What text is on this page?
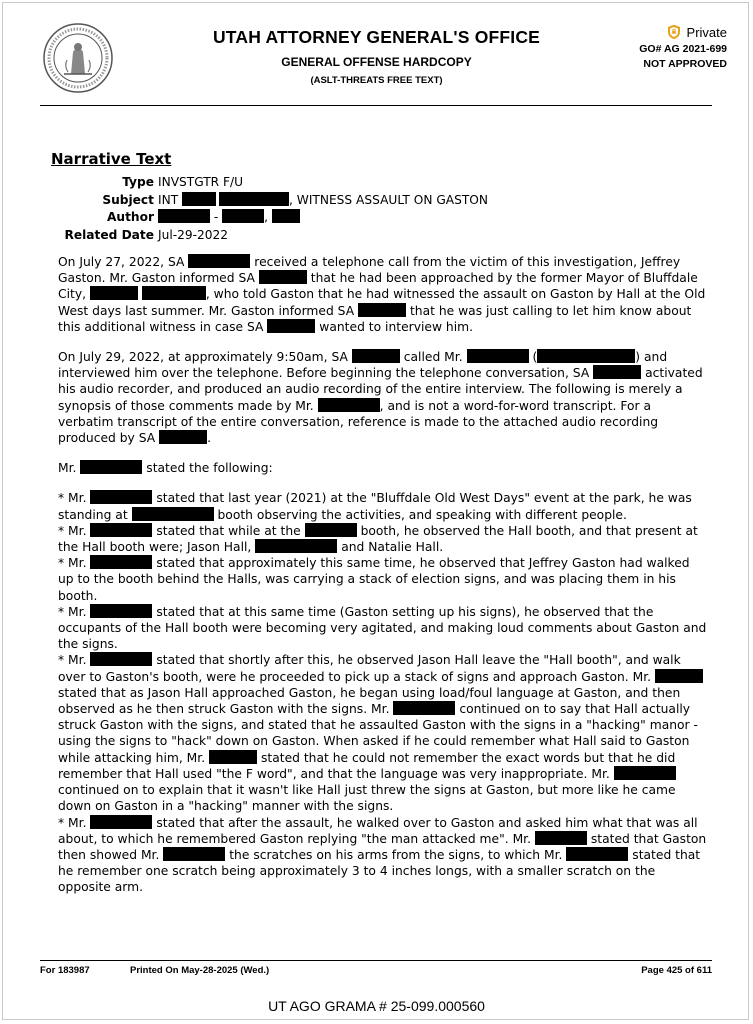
UTAH ATTORNEY GENERAL'S OFFICE
GENERAL OFFENSE HARDCOPY
(ASLT-THREATS FREE TEXT)
Private
GO# AG 2021-699
NOT APPROVED
Narrative Text
Type INVSTGTR F/U
Subject INT	, WITNESS ASSAULT ON GASTON
Author	-	,
Related Date Jul-29-2022

On July 27, 2022, SA	received a telephone call from the victim of this investigation, Jeffrey Gaston. Mr. Gaston informed SA	that he had been approached by the former Mayor of Bluffdale City,	, who told Gaston that he had witnessed the assault on Gaston by Hall at the Old West days last summer. Mr. Gaston informed SA	that he was just calling to let him know about this additional witness in case SA	wanted to interview him.

On July 29, 2022, at approximately 9:50am, SA	called Mr.	(	) and interviewed him over the telephone. Before beginning the telephone conversation, SA	activated his audio recorder, and produced an audio recording of the entire interview. The following is merely a synopsis of those comments made by Mr.	, and is not a word-for-word transcript. For a verbatim transcript of the entire conversation, reference is made to the attached audio recording produced by SA	.

Mr.	stated the following:

* Mr.	stated that last year (2021) at the "Bluffdale Old West Days" event at the park, he was standing at	booth observing the activities, and speaking with different people.
* Mr.	stated that while at the	booth, he observed the Hall booth, and that present at the Hall booth were; Jason Hall,	and Natalie Hall.
* Mr.	stated that approximately this same time, he observed that Jeffrey Gaston had walked up to the booth behind the Halls, was carrying a stack of election signs, and was placing them in his booth.
* Mr.	stated that at this same time (Gaston setting up his signs), he observed that the occupants of the Hall booth were becoming very agitated, and making loud comments about Gaston and the signs.
* Mr.	stated that shortly after this, he observed Jason Hall leave the "Hall booth", and walk over to Gaston's booth, were he proceeded to pick up a stack of signs and approach Gaston. Mr.  stated that as Jason Hall approached Gaston, he began using load/foul language at Gaston, and then observed as he then struck Gaston with the signs. Mr.	continued on to say that Hall actually struck Gaston with the signs, and stated that he assaulted Gaston with the signs in a "hacking" manor - using the signs to "hack" down on Gaston. When asked if he could remember what Hall said to Gaston while attacking him, Mr.	stated that he could not remember the exact words but that he did remember that Hall used "the F word", and that the language was very inappropriate. Mr.  continued on to explain that it wasn't like Hall just threw the signs at Gaston, but more like he came down on Gaston in a "hacking" manner with the signs.
* Mr.	stated that after the assault, he walked over to Gaston and asked him what that was all about, to which he remembered Gaston replying "the man attacked me". Mr.	stated that Gaston then showed Mr.	the scratches on his arms from the signs, to which Mr.	stated that he remember one scratch being approximately 3 to 4 inches longs, with a smaller scratch on the opposite arm.
For 183987	Printed On May-28-2025 (Wed.)	Page 425 of 611
UT AGO GRAMA # 25-099.000560
